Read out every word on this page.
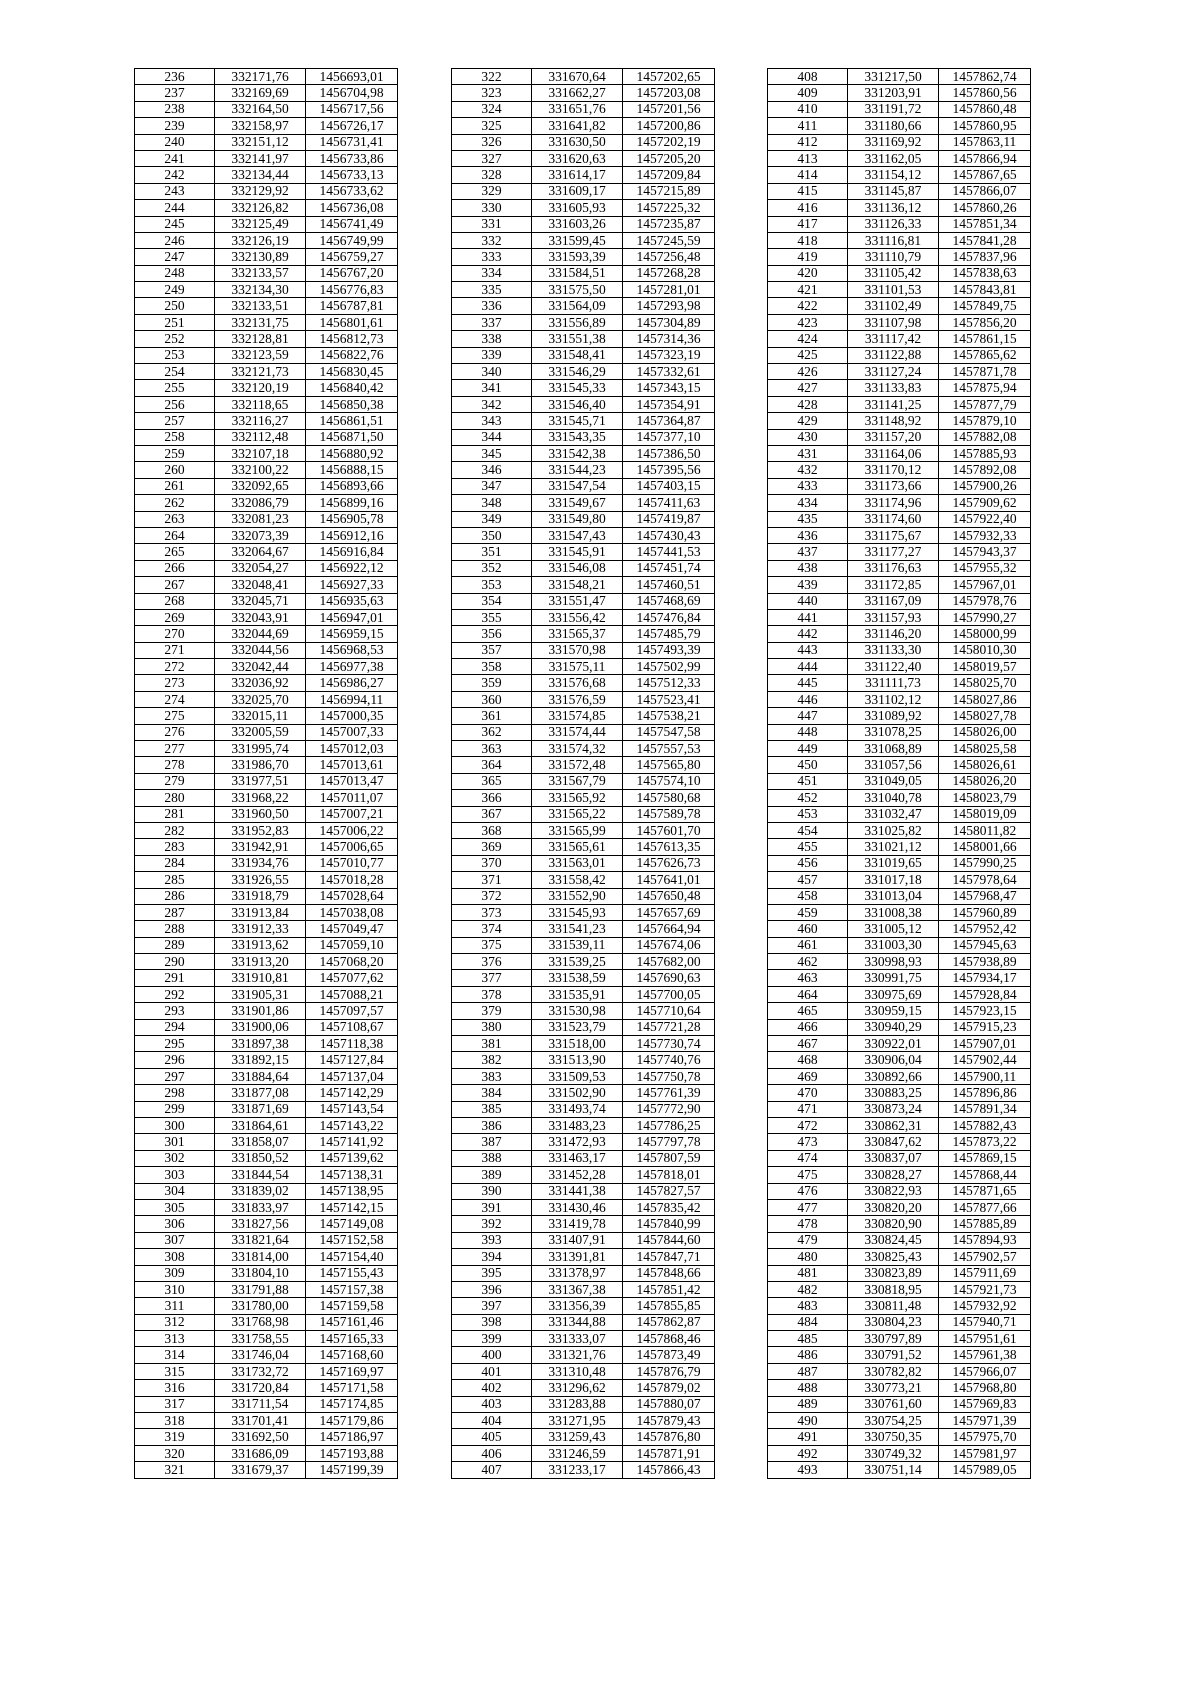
236	332171,76	1456693,01
237	332169,69	1456704,98
238	332164,50	1456717,56
239	332158,97	1456726,17
240	332151,12	1456731,41
241	332141,97	1456733,86
242	332134,44	1456733,13
243	332129,92	1456733,62
244	332126,82	1456736,08
245	332125,49	1456741,49
246	332126,19	1456749,99
247	332130,89	1456759,27
248	332133,57	1456767,20
249	332134,30	1456776,83
250	332133,51	1456787,81
251	332131,75	1456801,61
252	332128,81	1456812,73
253	332123,59	1456822,76
254	332121,73	1456830,45
255	332120,19	1456840,42
256	332118,65	1456850,38
257	332116,27	1456861,51
258	332112,48	1456871,50
259	332107,18	1456880,92
260	332100,22	1456888,15
261	332092,65	1456893,66
262	332086,79	1456899,16
263	332081,23	1456905,78
264	332073,39	1456912,16
265	332064,67	1456916,84
266	332054,27	1456922,12
267	332048,41	1456927,33
268	332045,71	1456935,63
269	332043,91	1456947,01
270	332044,69	1456959,15
271	332044,56	1456968,53
272	332042,44	1456977,38
273	332036,92	1456986,27
274	332025,70	1456994,11
275	332015,11	1457000,35
276	332005,59	1457007,33
277	331995,74	1457012,03
278	331986,70	1457013,61
279	331977,51	1457013,47
280	331968,22	1457011,07
281	331960,50	1457007,21
282	331952,83	1457006,22
283	331942,91	1457006,65
284	331934,76	1457010,77
285	331926,55	1457018,28
286	331918,79	1457028,64
287	331913,84	1457038,08
288	331912,33	1457049,47
289	331913,62	1457059,10
290	331913,20	1457068,20
291	331910,81	1457077,62
292	331905,31	1457088,21
293	331901,86	1457097,57
294	331900,06	1457108,67
295	331897,38	1457118,38
296	331892,15	1457127,84
297	331884,64	1457137,04
298	331877,08	1457142,29
299	331871,69	1457143,54
300	331864,61	1457143,22
301	331858,07	1457141,92
302	331850,52	1457139,62
303	331844,54	1457138,31
304	331839,02	1457138,95
305	331833,97	1457142,15
306	331827,56	1457149,08
307	331821,64	1457152,58
308	331814,00	1457154,40
309	331804,10	1457155,43
310	331791,88	1457157,38
311	331780,00	1457159,58
312	331768,98	1457161,46
313	331758,55	1457165,33
314	331746,04	1457168,60
315	331732,72	1457169,97
316	331720,84	1457171,58
317	331711,54	1457174,85
318	331701,41	1457179,86
319	331692,50	1457186,97
320	331686,09	1457193,88
321	331679,37	1457199,39
322	331670,64	1457202,65
323	331662,27	1457203,08
324	331651,76	1457201,56
325	331641,82	1457200,86
326	331630,50	1457202,19
327	331620,63	1457205,20
328	331614,17	1457209,84
329	331609,17	1457215,89
330	331605,93	1457225,32
331	331603,26	1457235,87
332	331599,45	1457245,59
333	331593,39	1457256,48
334	331584,51	1457268,28
335	331575,50	1457281,01
336	331564,09	1457293,98
337	331556,89	1457304,89
338	331551,38	1457314,36
339	331548,41	1457323,19
340	331546,29	1457332,61
341	331545,33	1457343,15
342	331546,40	1457354,91
343	331545,71	1457364,87
344	331543,35	1457377,10
345	331542,38	1457386,50
346	331544,23	1457395,56
347	331547,54	1457403,15
348	331549,67	1457411,63
349	331549,80	1457419,87
350	331547,43	1457430,43
351	331545,91	1457441,53
352	331546,08	1457451,74
353	331548,21	1457460,51
354	331551,47	1457468,69
355	331556,42	1457476,84
356	331565,37	1457485,79
357	331570,98	1457493,39
358	331575,11	1457502,99
359	331576,68	1457512,33
360	331576,59	1457523,41
361	331574,85	1457538,21
362	331574,44	1457547,58
363	331574,32	1457557,53
364	331572,48	1457565,80
365	331567,79	1457574,10
366	331565,92	1457580,68
367	331565,22	1457589,78
368	331565,99	1457601,70
369	331565,61	1457613,35
370	331563,01	1457626,73
371	331558,42	1457641,01
372	331552,90	1457650,48
373	331545,93	1457657,69
374	331541,23	1457664,94
375	331539,11	1457674,06
376	331539,25	1457682,00
377	331538,59	1457690,63
378	331535,91	1457700,05
379	331530,98	1457710,64
380	331523,79	1457721,28
381	331518,00	1457730,74
382	331513,90	1457740,76
383	331509,53	1457750,78
384	331502,90	1457761,39
385	331493,74	1457772,90
386	331483,23	1457786,25
387	331472,93	1457797,78
388	331463,17	1457807,59
389	331452,28	1457818,01
390	331441,38	1457827,57
391	331430,46	1457835,42
392	331419,78	1457840,99
393	331407,91	1457844,60
394	331391,81	1457847,71
395	331378,97	1457848,66
396	331367,38	1457851,42
397	331356,39	1457855,85
398	331344,88	1457862,87
399	331333,07	1457868,46
400	331321,76	1457873,49
401	331310,48	1457876,79
402	331296,62	1457879,02
403	331283,88	1457880,07
404	331271,95	1457879,43
405	331259,43	1457876,80
406	331246,59	1457871,91
407	331233,17	1457866,43
408	331217,50	1457862,74
409	331203,91	1457860,56
410	331191,72	1457860,48
411	331180,66	1457860,95
412	331169,92	1457863,11
413	331162,05	1457866,94
414	331154,12	1457867,65
415	331145,87	1457866,07
416	331136,12	1457860,26
417	331126,33	1457851,34
418	331116,81	1457841,28
419	331110,79	1457837,96
420	331105,42	1457838,63
421	331101,53	1457843,81
422	331102,49	1457849,75
423	331107,98	1457856,20
424	331117,42	1457861,15
425	331122,88	1457865,62
426	331127,24	1457871,78
427	331133,83	1457875,94
428	331141,25	1457877,79
429	331148,92	1457879,10
430	331157,20	1457882,08
431	331164,06	1457885,93
432	331170,12	1457892,08
433	331173,66	1457900,26
434	331174,96	1457909,62
435	331174,60	1457922,40
436	331175,67	1457932,33
437	331177,27	1457943,37
438	331176,63	1457955,32
439	331172,85	1457967,01
440	331167,09	1457978,76
441	331157,93	1457990,27
442	331146,20	1458000,99
443	331133,30	1458010,30
444	331122,40	1458019,57
445	331111,73	1458025,70
446	331102,12	1458027,86
447	331089,92	1458027,78
448	331078,25	1458026,00
449	331068,89	1458025,58
450	331057,56	1458026,61
451	331049,05	1458026,20
452	331040,78	1458023,79
453	331032,47	1458019,09
454	331025,82	1458011,82
455	331021,12	1458001,66
456	331019,65	1457990,25
457	331017,18	1457978,64
458	331013,04	1457968,47
459	331008,38	1457960,89
460	331005,12	1457952,42
461	331003,30	1457945,63
462	330998,93	1457938,89
463	330991,75	1457934,17
464	330975,69	1457928,84
465	330959,15	1457923,15
466	330940,29	1457915,23
467	330922,01	1457907,01
468	330906,04	1457902,44
469	330892,66	1457900,11
470	330883,25	1457896,86
471	330873,24	1457891,34
472	330862,31	1457882,43
473	330847,62	1457873,22
474	330837,07	1457869,15
475	330828,27	1457868,44
476	330822,93	1457871,65
477	330820,20	1457877,66
478	330820,90	1457885,89
479	330824,45	1457894,93
480	330825,43	1457902,57
481	330823,89	1457911,69
482	330818,95	1457921,73
483	330811,48	1457932,92
484	330804,23	1457940,71
485	330797,89	1457951,61
486	330791,52	1457961,38
487	330782,82	1457966,07
488	330773,21	1457968,80
489	330761,60	1457969,83
490	330754,25	1457971,39
491	330750,35	1457975,70
492	330749,32	1457981,97
493	330751,14	1457989,05
